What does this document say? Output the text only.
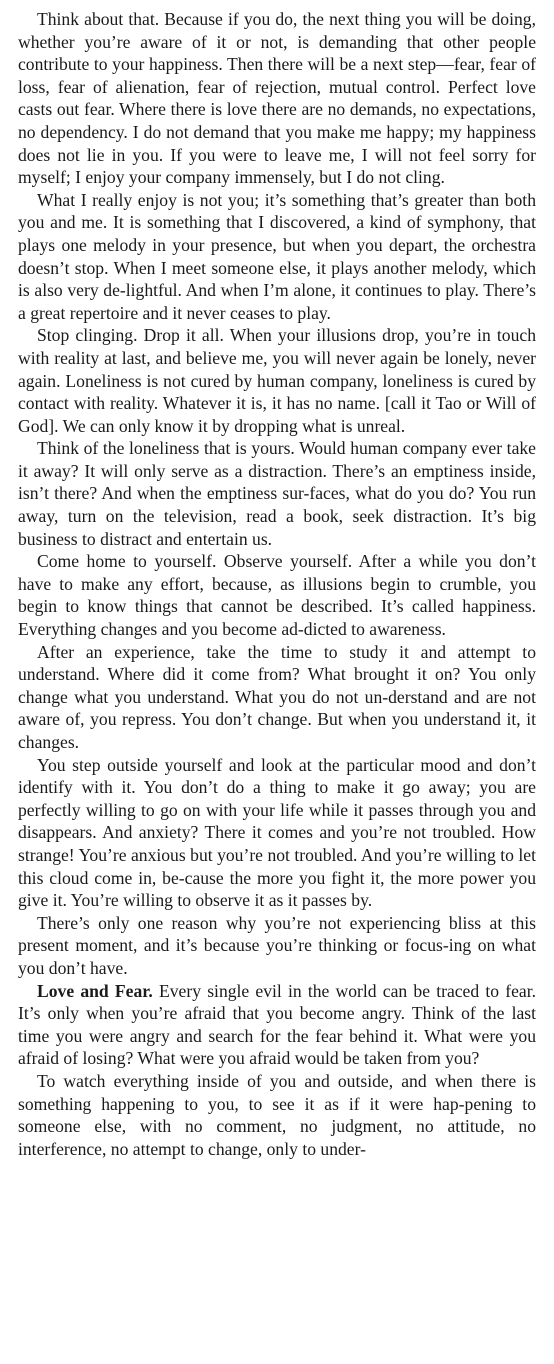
Think about that. Because if you do, the next thing you will be doing, whether you’re aware of it or not, is demanding that other people contribute to your happiness. Then there will be a next step—fear, fear of loss, fear of alienation, fear of rejection, mutual control. Perfect love casts out fear. Where there is love there are no demands, no expectations, no dependency. I do not demand that you make me happy; my happiness does not lie in you. If you were to leave me, I will not feel sorry for myself; I enjoy your company immensely, but I do not cling.

What I really enjoy is not you; it’s something that’s greater than both you and me. It is something that I discovered, a kind of symphony, that plays one melody in your presence, but when you depart, the orchestra doesn’t stop. When I meet someone else, it plays another melody, which is also very de-lightful. And when I’m alone, it continues to play. There’s a great repertoire and it never ceases to play.

Stop clinging. Drop it all. When your illusions drop, you’re in touch with reality at last, and believe me, you will never again be lonely, never again. Loneliness is not cured by human company, loneliness is cured by contact with reality. Whatever it is, it has no name. [call it Tao or Will of God]. We can only know it by dropping what is unreal.

Think of the loneliness that is yours. Would human company ever take it away? It will only serve as a distraction. There’s an emptiness inside, isn’t there? And when the emptiness sur-faces, what do you do? You run away, turn on the television, read a book, seek distraction. It’s big business to distract and entertain us.

Come home to yourself. Observe yourself. After a while you don’t have to make any effort, because, as illusions begin to crumble, you begin to know things that cannot be described. It’s called happiness. Everything changes and you become ad-dicted to awareness.

After an experience, take the time to study it and attempt to understand. Where did it come from? What brought it on? You only change what you understand. What you do not un-derstand and are not aware of, you repress. You don’t change. But when you understand it, it changes.

You step outside yourself and look at the particular mood and don’t identify with it. You don’t do a thing to make it go away; you are perfectly willing to go on with your life while it passes through you and disappears. And anxiety? There it comes and you’re not troubled. How strange! You’re anxious but you’re not troubled. And you’re willing to let this cloud come in, be-cause the more you fight it, the more power you give it. You’re willing to observe it as it passes by.

There’s only one reason why you’re not experiencing bliss at this present moment, and it’s because you’re thinking or focus-ing on what you don’t have.

Love and Fear. Every single evil in the world can be traced to fear. It’s only when you’re afraid that you become angry. Think of the last time you were angry and search for the fear behind it. What were you afraid of losing? What were you afraid would be taken from you?

To watch everything inside of you and outside, and when there is something happening to you, to see it as if it were hap-pening to someone else, with no comment, no judgment, no attitude, no interference, no attempt to change, only to under-
